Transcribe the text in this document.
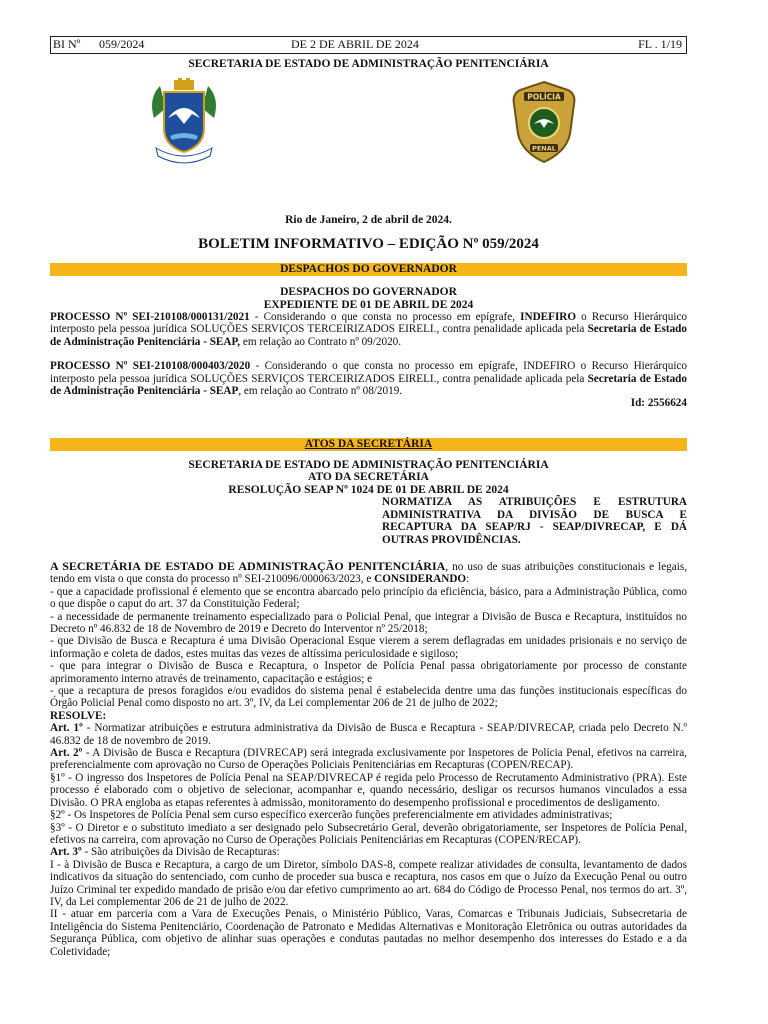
BI Nº 059/2024	DE 2 DE ABRIL DE 2024	FL . 1/19
SECRETARIA DE ESTADO DE ADMINISTRAÇÃO PENITENCIÁRIA
POLÍCIA
PENAL
Rio de Janeiro, 2 de abril de 2024.
BOLETIM INFORMATIVO – EDIÇÃO Nº 059/2024
DESPACHOS DO GOVERNADOR
DESPACHOS DO GOVERNADOR
EXPEDIENTE DE 01 DE ABRIL DE 2024

PROCESSO Nº SEI-210108/000131/2021 - Considerando o que consta no processo em epígrafe, INDEFIRO o Recurso Hierárquico interposto pela pessoa jurídica SOLUÇÕES SERVIÇOS TERCEIRIZADOS EIRELI., contra penalidade aplicada pela Secretaria de Estado de Administração Penitenciária - SEAP, em relação ao Contrato nº 09/2020.

PROCESSO Nº SEI-210108/000403/2020 - Considerando o que consta no processo em epígrafe, INDEFIRO o Recurso Hierárquico interposto pela pessoa jurídica SOLUÇÕES SERVIÇOS TERCEIRIZADOS EIRELI., contra penalidade aplicada pela Secretaria de Estado de Administração Penitenciária - SEAP, em relação ao Contrato nº 08/2019.

Id: 2556624
ATOS DA SECRETÁRIA
SECRETARIA DE ESTADO DE ADMINISTRAÇÃO PENITENCIÁRIA
ATO DA SECRETÁRIA
RESOLUÇÃO SEAP Nº 1024 DE 01 DE ABRIL DE 2024
NORMATIZA AS ATRIBUIÇÕES E ESTRUTURA ADMINISTRATIVA DA DIVISÃO DE BUSCA E RECAPTURA DA SEAP/RJ - SEAP/DIVRECAP, E DÁ OUTRAS PROVIDÊNCIAS.

A SECRETÁRIA DE ESTADO DE ADMINISTRAÇÃO PENITENCIÁRIA, no uso de suas atribuições constitucionais e legais, tendo em vista o que consta do processo nº SEI-210096/000063/2023, e CONSIDERANDO:

- que a capacidade profissional é elemento que se encontra abarcado pelo princípio da eficiência, básico, para a Administração Pública, como o que dispõe o caput do art. 37 da Constituição Federal;

- a necessidade de permanente treinamento especializado para o Policial Penal, que integrar a Divisão de Busca e Recaptura, instituídos no Decreto nº 46.832 de 18 de Novembro de 2019 e Decreto do Interventor nº 25/2018;

- que Divisão de Busca e Recaptura é uma Divisão Operacional Esque vierem a serem deflagradas em unidades prisionais e no serviço de informação e coleta de dados, estes muitas das vezes de altíssima periculosidade e sigiloso;

- que para integrar o Divisão de Busca e Recaptura, o Inspetor de Polícia Penal passa obrigatoriamente por processo de constante aprimoramento interno através de treinamento, capacitação e estágios; e

- que a recaptura de presos foragidos e/ou evadidos do sistema penal é estabelecida dentre uma das funções institucionais específicas do Órgão Policial Penal como disposto no art. 3º, IV, da Lei complementar 206 de 21 de julho de 2022;

RESOLVE:

Art. 1º - Normatizar atribuições e estrutura administrativa da Divisão de Busca e Recaptura - SEAP/DIVRECAP, criada pelo Decreto N.º 46.832 de 18 de novembro de 2019.

Art. 2º - A Divisão de Busca e Recaptura (DIVRECAP) será integrada exclusivamente por Inspetores de Polícia Penal, efetivos na carreira, preferencialmente com aprovação no Curso de Operações Policiais Penitenciárias em Recapturas (COPEN/RECAP).

§1º - O ingresso dos Inspetores de Polícia Penal na SEAP/DIVRECAP é regida pelo Processo de Recrutamento Administrativo (PRA). Este processo é elaborado com o objetivo de selecionar, acompanhar e, quando necessário, desligar os recursos humanos vinculados a essa Divisão. O PRA engloba as etapas referentes à admissão, monitoramento do desempenho profissional e procedimentos de desligamento.

§2º - Os Inspetores de Polícia Penal sem curso específico exercerão funções preferencialmente em atividades administrativas;

§3º - O Diretor e o substituto imediato a ser designado pelo Subsecretário Geral, deverão obrigatoriamente, ser Inspetores de Polícia Penal, efetivos na carreira, com aprovação no Curso de Operações Policiais Penitenciárias em Recapturas (COPEN/RECAP).

Art. 3º - São atribuições da Divisão de Recapturas:

I - à Divisão de Busca e Recaptura, a cargo de um Diretor, símbolo DAS-8, compete realizar atividades de consulta, levantamento de dados indicativos da situação do sentenciado, com cunho de proceder sua busca e recaptura, nos casos em que o Juízo da Execução Penal ou outro Juízo Criminal ter expedido mandado de prisão e/ou dar efetivo cumprimento ao art. 684 do Código de Processo Penal, nos termos do art. 3º, IV, da Lei complementar 206 de 21 de julho de 2022.

II - atuar em parceria com a Vara de Execuções Penais, o Ministério Público, Varas, Comarcas e Tribunais Judiciais, Subsecretaria de Inteligência do Sistema Penitenciário, Coordenação de Patronato e Medidas Alternativas e Monitoração Eletrônica ou outras autoridades da Segurança Pública, com objetivo de alinhar suas operações e condutas pautadas no melhor desempenho dos interesses do Estado e a da Coletividade;
